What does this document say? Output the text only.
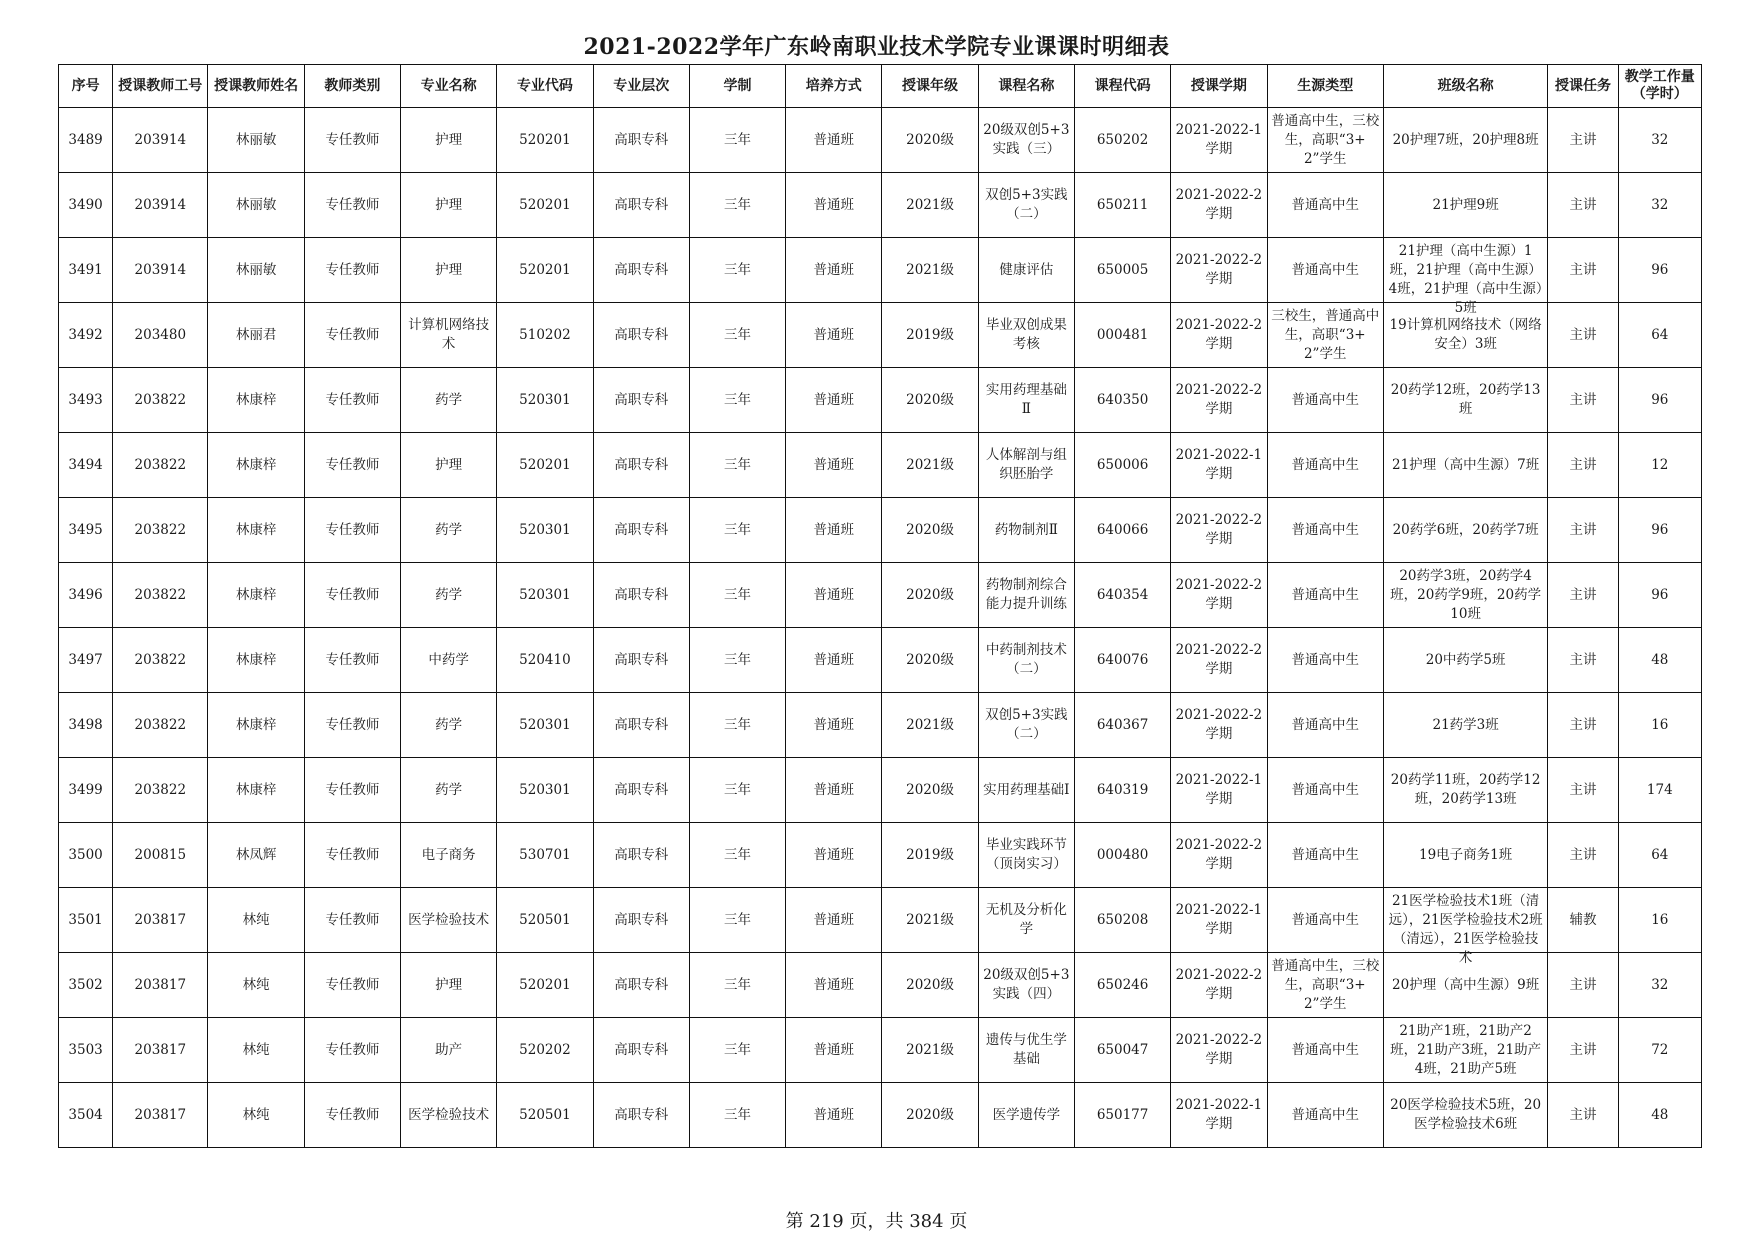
2021-2022学年广东岭南职业技术学院专业课课时明细表
序号	授课教师工号	授课教师姓名	教师类别	专业名称	专业代码	专业层次	学制	培养方式	授课年级	课程名称	课程代码	授课学期	生源类型	班级名称	授课任务	教学工作量（学时）

3489	203914	林丽敏	专任教师	护理	520201	高职专科	三年	普通班	2020级	20级双创5+3实践（三）	650202	2021-2022-1学期	普通高中生，三校生，高职“3+2”学生	20护理7班，20护理8班	主讲	32

3490	203914	林丽敏	专任教师	护理	520201	高职专科	三年	普通班	2021级	双创5+3实践（二）	650211	2021-2022-2学期	普通高中生	21护理9班	主讲	32

3491	203914	林丽敏	专任教师	护理	520201	高职专科	三年	普通班	2021级	健康评估	650005	2021-2022-2学期	普通高中生	21护理（高中生源）1班，21护理（高中生源）4班，21护理（高中生源）5班	主讲	96

3492	203480	林丽君	专任教师	计算机网络技术	510202	高职专科	三年	普通班	2019级	毕业双创成果考核	000481	2021-2022-2学期	三校生，普通高中生，高职“3+2”学生	19计算机网络技术（网络安全）3班	主讲	64

3493	203822	林康梓	专任教师	药学	520301	高职专科	三年	普通班	2020级	实用药理基础Ⅱ	640350	2021-2022-2学期	普通高中生	20药学12班，20药学13班	主讲	96

3494	203822	林康梓	专任教师	护理	520201	高职专科	三年	普通班	2021级	人体解剖与组织胚胎学	650006	2021-2022-1学期	普通高中生	21护理（高中生源）7班	主讲	12

3495	203822	林康梓	专任教师	药学	520301	高职专科	三年	普通班	2020级	药物制剂Ⅱ	640066	2021-2022-2学期	普通高中生	20药学6班，20药学7班	主讲	96

3496	203822	林康梓	专任教师	药学	520301	高职专科	三年	普通班	2020级	药物制剂综合能力提升训练	640354	2021-2022-2学期	普通高中生	20药学3班，20药学4班，20药学9班，20药学10班	主讲	96

3497	203822	林康梓	专任教师	中药学	520410	高职专科	三年	普通班	2020级	中药制剂技术（二）	640076	2021-2022-2学期	普通高中生	20中药学5班	主讲	48

3498	203822	林康梓	专任教师	药学	520301	高职专科	三年	普通班	2021级	双创5+3实践（二）	640367	2021-2022-2学期	普通高中生	21药学3班	主讲	16

3499	203822	林康梓	专任教师	药学	520301	高职专科	三年	普通班	2020级	实用药理基础Ⅰ	640319	2021-2022-1学期	普通高中生	20药学11班，20药学12班，20药学13班	主讲	174

3500	200815	林凤辉	专任教师	电子商务	530701	高职专科	三年	普通班	2019级	毕业实践环节（顶岗实习）	000480	2021-2022-2学期	普通高中生	19电子商务1班	主讲	64

3501	203817	林纯	专任教师	医学检验技术	520501	高职专科	三年	普通班	2021级	无机及分析化学	650208	2021-2022-1学期	普通高中生	21医学检验技术1班（清远），21医学检验技术2班（清远），21医学检验技术	辅教	16

3502	203817	林纯	专任教师	护理	520201	高职专科	三年	普通班	2020级	20级双创5+3实践（四）	650246	2021-2022-2学期	普通高中生，三校生，高职“3+2”学生	20护理（高中生源）9班	主讲	32

3503	203817	林纯	专任教师	助产	520202	高职专科	三年	普通班	2021级	遗传与优生学基础	650047	2021-2022-2学期	普通高中生	21助产1班，21助产2班，21助产3班，21助产4班，21助产5班	主讲	72

3504	203817	林纯	专任教师	医学检验技术	520501	高职专科	三年	普通班	2020级	医学遗传学	650177	2021-2022-1学期	普通高中生	20医学检验技术5班，20医学检验技术6班	主讲	48
第 219 页，共 384 页
